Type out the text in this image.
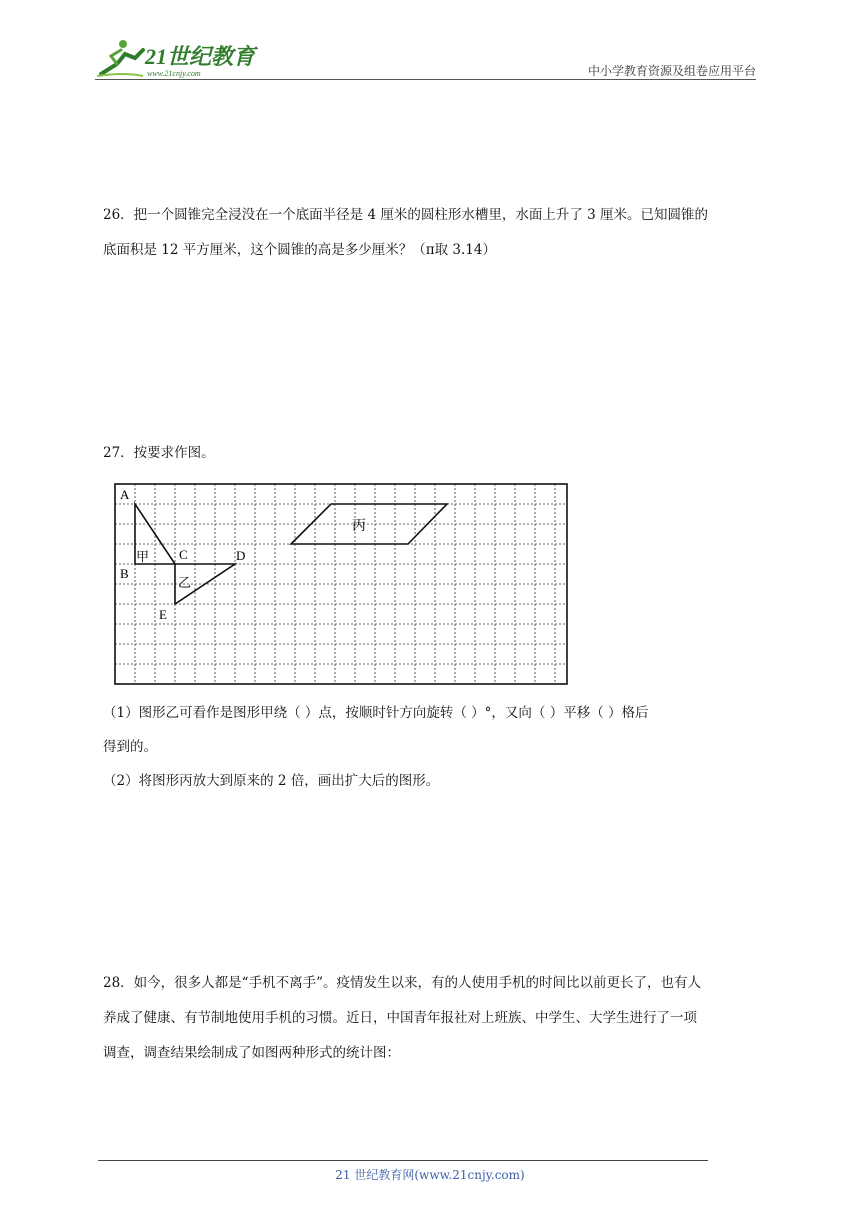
21世纪教育
www.21cnjy.com	中小学教育资源及组卷应用平台
26．把一个圆锥完全浸没在一个底面半径是 4 厘米的圆柱形水槽里，水面上升了 3 厘米。已知圆锥的
底面积是 12 平方厘米，这个圆锥的高是多少厘米？（π取 3.14）
27．按要求作图。
A
B
C	D
E
甲
乙
丙
（1）图形乙可看作是图形甲绕（ ）点，按顺时针方向旋转（ ）°，又向（ ）平移（ ）格后
得到的。
（2）将图形丙放大到原来的 2 倍，画出扩大后的图形。
28．如今，很多人都是“手机不离手”。疫情发生以来，有的人使用手机的时间比以前更长了，也有人
养成了健康、有节制地使用手机的习惯。近日，中国青年报社对上班族、中学生、大学生进行了一项
调查，调查结果绘制成了如图两种形式的统计图：
21 世纪教育网(www.21cnjy.com)
